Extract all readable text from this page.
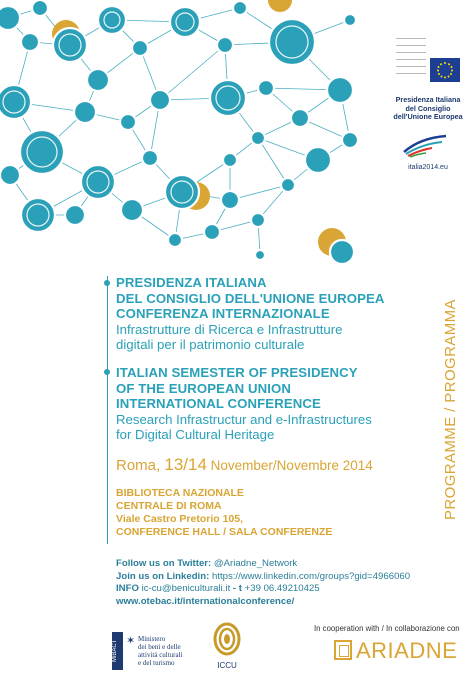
Presidenza Italiana
del Consiglio
dell'Unione Europea
italia2014.eu
PRESIDENZA ITALIANA
DEL CONSIGLIO DELL'UNIONE EUROPEA
CONFERENZA INTERNAZIONALE
Infrastrutture di Ricerca e Infrastrutture
digitali per il patrimonio culturale
ITALIAN SEMESTER OF PRESIDENCY
OF THE EUROPEAN UNION
INTERNATIONAL CONFERENCE
Research Infrastructur and e-Infrastructures
for Digital Cultural Heritage
Roma, 13/14 November/Novembre 2014
BIBLIOTECA NAZIONALE
CENTRALE DI ROMA
Viale Castro Pretorio 105,
CONFERENCE HALL / SALA CONFERENZE
PROGRAMME / PROGRAMMA
Follow us on Twitter: @Ariadne_Network
Join us on Linkedin: https://www.linkedin.com/groups?gid=4966060
INFO ic-cu@beniculturali.it - t +39 06.49210425
www.otebac.it/internationalconference/
MiBACT ✶ Ministero
dei beni e delle
attività culturali
e del turismo	ICCU
In cooperation with / In collaborazione con
ARIADNE
